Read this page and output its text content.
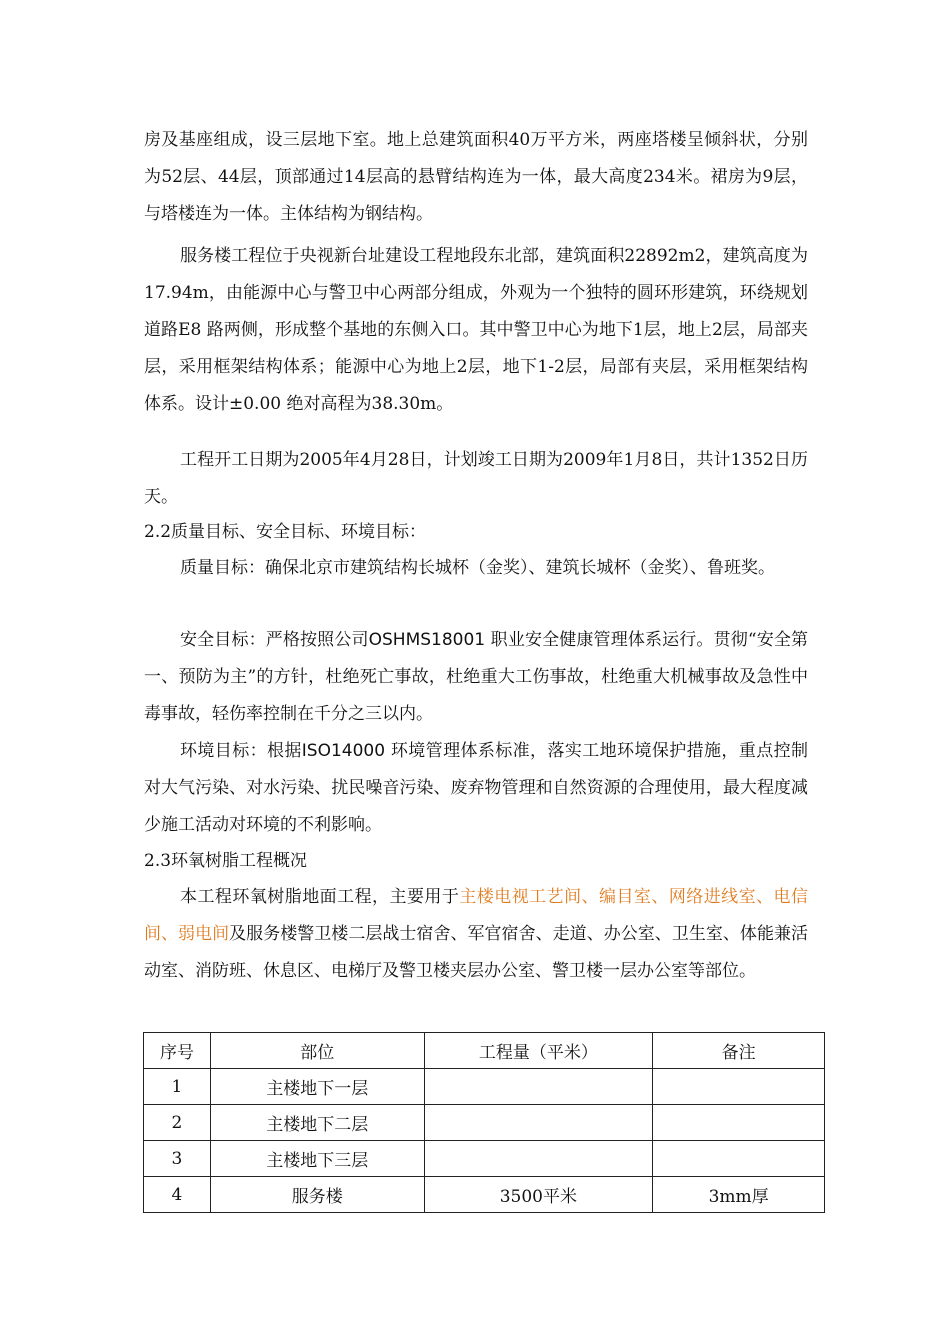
房及基座组成，设三层地下室。地上总建筑面积40万平方米，两座塔楼呈倾斜状，分别为52层、44层，顶部通过14层高的悬臂结构连为一体，最大高度234米。裙房为9层，与塔楼连为一体。主体结构为钢结构。

服务楼工程位于央视新台址建设工程地段东北部，建筑面积22892m2，建筑高度为17.94m，由能源中心与警卫中心两部分组成，外观为一个独特的圆环形建筑，环绕规划道路E8 路两侧，形成整个基地的东侧入口。其中警卫中心为地下1层，地上2层，局部夹层，采用框架结构体系；能源中心为地上2层，地下1-2层，局部有夹层，采用框架结构体系。设计±0.00 绝对高程为38.30m。

工程开工日期为2005年4月28日，计划竣工日期为2009年1月8日，共计1352日历天。

2.2质量目标、安全目标、环境目标：

质量目标：确保北京市建筑结构长城杯（金奖）、建筑长城杯（金奖）、鲁班奖。

安全目标：严格按照公司OSHMS18001 职业安全健康管理体系运行。贯彻“安全第一、预防为主”的方针，杜绝死亡事故，杜绝重大工伤事故，杜绝重大机械事故及急性中毒事故，轻伤率控制在千分之三以内。

环境目标：根据ISO14000 环境管理体系标准，落实工地环境保护措施，重点控制对大气污染、对水污染、扰民噪音污染、废弃物管理和自然资源的合理使用，最大程度减少施工活动对环境的不利影响。

2.3环氧树脂工程概况

本工程环氧树脂地面工程，主要用于主楼电视工艺间、编目室、网络进线室、电信间、弱电间及服务楼警卫楼二层战士宿舍、军官宿舍、走道、办公室、卫生室、体能兼活动室、消防班、休息区、电梯厅及警卫楼夹层办公室、警卫楼一层办公室等部位。

序号	部位	工程量（平米）	备注
1	主楼地下一层		
2	主楼地下二层		
3	主楼地下三层		
4	服务楼	3500平米	3mm厚
